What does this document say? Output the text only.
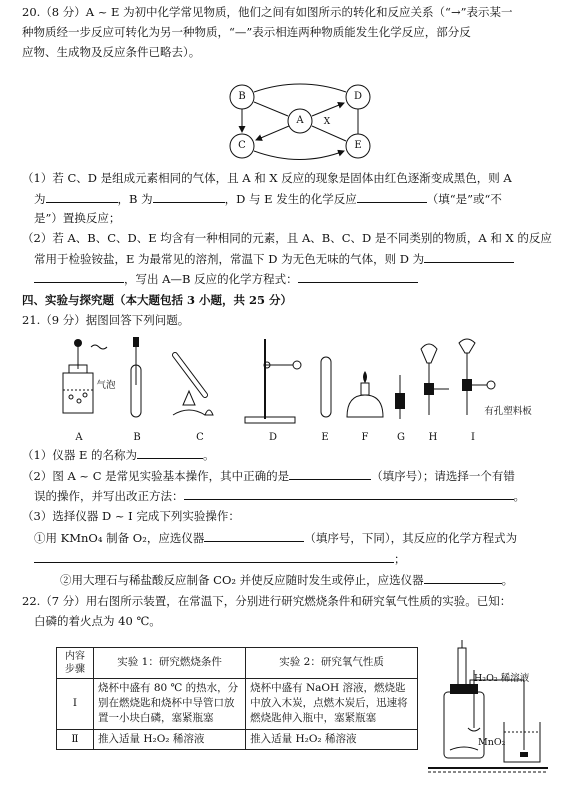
20.（8 分）A ~ E 为初中化学常见物质，他们之间有如图所示的转化和反应关系（“→”表示某一
种物质经一步反应可转化为另一种物质，“—”表示相连两种物质能发生化学反应，部分反
应物、生成物及反应条件已略去）。
B	D
A
C	E
X
（1）若 C、D 是组成元素相同的气体，且 A 和 X 反应的现象是固体由红色逐渐变成黑色，则 A
为	，B 为	，D 与 E 发生的化学反应	（填“是”或“不
是”）置换反应；
（2）若 A、B、C、D、E 均含有一种相同的元素，且 A、B、C、D 是不同类别的物质，A 和 X 的反应
常用于检验铵盐，E 为最常见的溶剂，常温下 D 为无色无味的气体，则 D 为
，写出 A—B 反应的化学方程式：
四、实验与探究题（本大题包括 3 小题，共 25 分）
21.（9 分）据图回答下列问题。
气泡
有孔塑料板
A	B	C	D	E	F	G	H	I
（1）仪器 E 的名称为	。
（2）图 A ~ C 是常见实验基本操作，其中正确的是	（填序号）；请选择一个有错
误的操作，并写出改正方法：	。
（3）选择仪器 D ~ I 完成下列实验操作：
①用 KMnO₄ 制备 O₂，应选仪器	（填序号，下同），其反应的化学方程式为
；
②用大理石与稀盐酸反应制备 CO₂ 并使反应随时发生或停止，应选仪器	。
22.（7 分）用右图所示装置，在常温下，分别进行研究燃烧条件和研究氧气性质的实验。已知：
白磷的着火点为 40 ℃。
内容
步骤	实验 1：研究燃烧条件	实验 2：研究氧气性质
Ⅰ	烧杯中盛有 80 ℃ 的热水，分别在燃烧匙和烧杯中导管口放置一小块白磷，塞紧瓶塞	烧杯中盛有 NaOH 溶液，燃烧匙中放入木炭，点燃木炭后，迅速将燃烧匙伸入瓶中，塞紧瓶塞
Ⅱ	推入适量 H₂O₂ 稀溶液	推入适量 H₂O₂ 稀溶液
H₂O₂ 稀溶液
MnO₂
